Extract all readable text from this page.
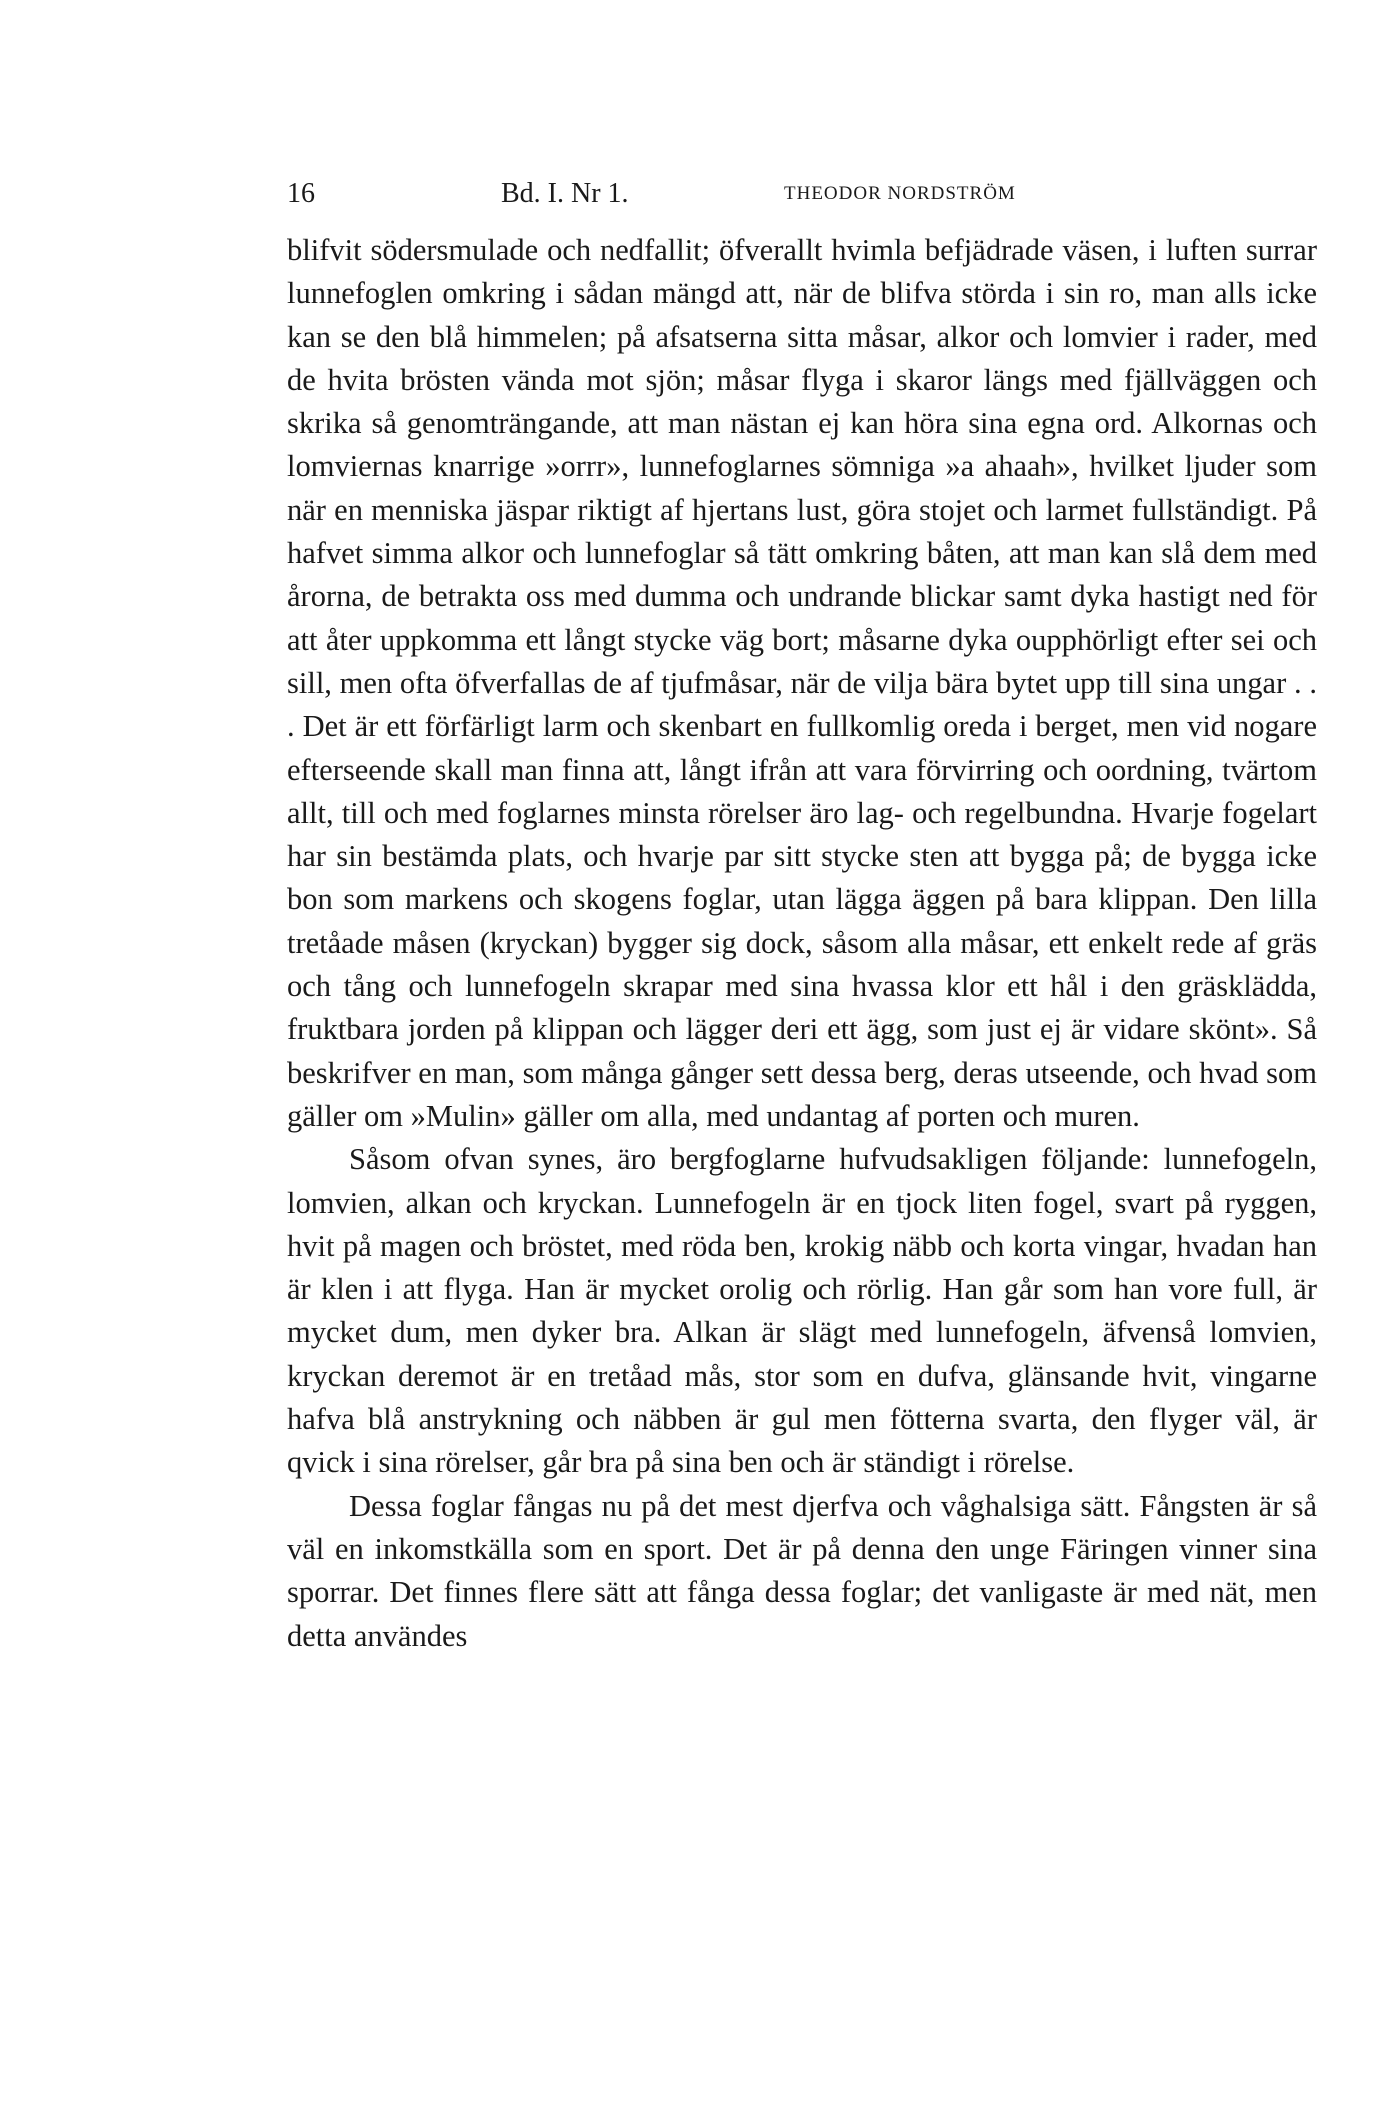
16	Bd. I. Nr 1.	THEODOR NORDSTRÖM

blifvit södersmulade och nedfallit; öfverallt hvimla befjädrade väsen, i luften surrar lunnefoglen omkring i sådan mängd att, när de blifva störda i sin ro, man alls icke kan se den blå himmelen; på afsatserna sitta måsar, alkor och lomvier i rader, med de hvita brösten vända mot sjön; måsar flyga i skaror längs med fjällväggen och skrika så genomträngande, att man nästan ej kan höra sina egna ord. Alkornas och lomviernas knarrige »orrr», lunnefoglarnes sömniga »a ahaah», hvilket ljuder som när en menniska jäspar riktigt af hjertans lust, göra stojet och larmet fullständigt. På hafvet simma alkor och lunnefoglar så tätt omkring båten, att man kan slå dem med årorna, de betrakta oss med dumma och undrande blickar samt dyka hastigt ned för att åter uppkomma ett långt stycke väg bort; måsarne dyka oupphörligt efter sei och sill, men ofta öfverfallas de af tjufmåsar, när de vilja bära bytet upp till sina ungar . . . Det är ett förfärligt larm och skenbart en fullkomlig oreda i berget, men vid nogare efterseende skall man finna att, långt ifrån att vara förvirring och oordning, tvärtom allt, till och med foglarnes minsta rörelser äro lag- och regelbundna. Hvarje fogelart har sin bestämda plats, och hvarje par sitt stycke sten att bygga på; de bygga icke bon som markens och skogens foglar, utan lägga äggen på bara klippan. Den lilla tretåade måsen (kryckan) bygger sig dock, såsom alla måsar, ett enkelt rede af gräs och tång och lunnefogeln skrapar med sina hvassa klor ett hål i den gräsklädda, fruktbara jorden på klippan och lägger deri ett ägg, som just ej är vidare skönt». Så beskrifver en man, som många gånger sett dessa berg, deras utseende, och hvad som gäller om »Mulin» gäller om alla, med undantag af porten och muren.

Såsom ofvan synes, äro bergfoglarne hufvudsakligen följande: lunnefogeln, lomvien, alkan och kryckan. Lunnefogeln är en tjock liten fogel, svart på ryggen, hvit på magen och bröstet, med röda ben, krokig näbb och korta vingar, hvadan han är klen i att flyga. Han är mycket orolig och rörlig. Han går som han vore full, är mycket dum, men dyker bra. Alkan är slägt med lunnefogeln, äfvenså lomvien, kryckan deremot är en tretåad mås, stor som en dufva, glänsande hvit, vingarne hafva blå anstrykning och näbben är gul men fötterna svarta, den flyger väl, är qvick i sina rörelser, går bra på sina ben och är ständigt i rörelse.

Dessa foglar fångas nu på det mest djerfva och våghalsiga sätt. Fångsten är så väl en inkomstkälla som en sport. Det är på denna den unge Färingen vinner sina sporrar. Det finnes flere sätt att fånga dessa foglar; det vanligaste är med nät, men detta användes
